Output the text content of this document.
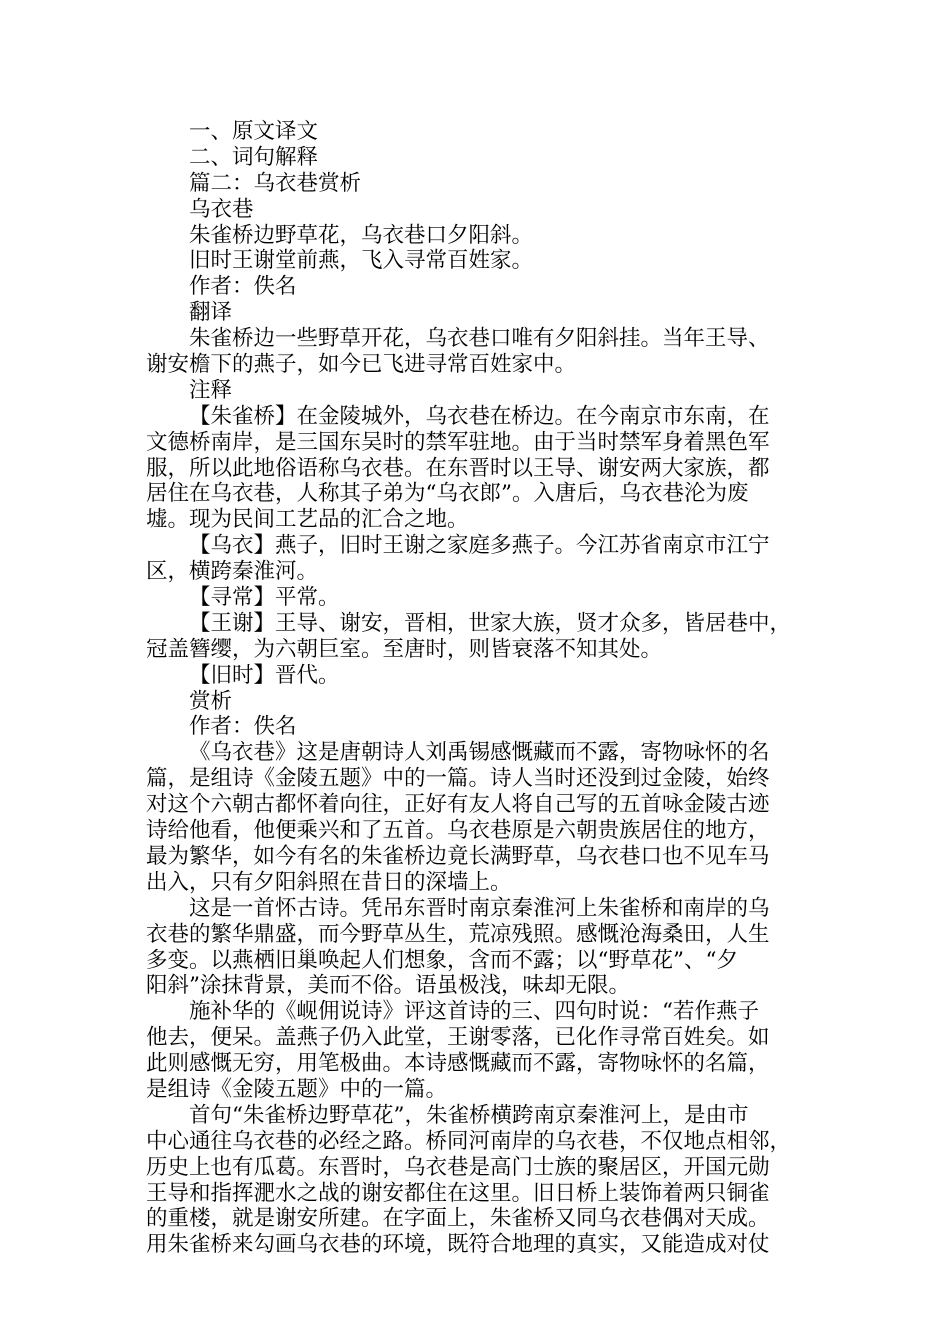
一、原文译文
二、词句解释
篇二：乌衣巷赏析
乌衣巷
朱雀桥边野草花，乌衣巷口夕阳斜。
旧时王谢堂前燕，飞入寻常百姓家。
作者：佚名
翻译
朱雀桥边一些野草开花，乌衣巷口唯有夕阳斜挂。当年王导、
谢安檐下的燕子，如今已飞进寻常百姓家中。
注释
【朱雀桥】在金陵城外，乌衣巷在桥边。在今南京市东南，在
文德桥南岸，是三国东吴时的禁军驻地。由于当时禁军身着黑色军
服，所以此地俗语称乌衣巷。在东晋时以王导、谢安两大家族，都
居住在乌衣巷，人称其子弟为“乌衣郎”。入唐后，乌衣巷沦为废
墟。现为民间工艺品的汇合之地。
【乌衣】燕子，旧时王谢之家庭多燕子。今江苏省南京市江宁
区，横跨秦淮河。
【寻常】平常。
【王谢】王导、谢安，晋相，世家大族，贤才众多，皆居巷中，
冠盖簪缨，为六朝巨室。至唐时，则皆衰落不知其处。
【旧时】晋代。
赏析
作者：佚名
《乌衣巷》这是唐朝诗人刘禹锡感慨藏而不露，寄物咏怀的名
篇，是组诗《金陵五题》中的一篇。诗人当时还没到过金陵，始终
对这个六朝古都怀着向往，正好有友人将自己写的五首咏金陵古迹
诗给他看，他便乘兴和了五首。乌衣巷原是六朝贵族居住的地方，
最为繁华，如今有名的朱雀桥边竟长满野草，乌衣巷口也不见车马
出入，只有夕阳斜照在昔日的深墙上。
这是一首怀古诗。凭吊东晋时南京秦淮河上朱雀桥和南岸的乌
衣巷的繁华鼎盛，而今野草丛生，荒凉残照。感慨沧海桑田，人生
多变。以燕栖旧巢唤起人们想象，含而不露；以“野草花”、“夕
阳斜”涂抹背景，美而不俗。语虽极浅，味却无限。
施补华的《岘佣说诗》评这首诗的三、四句时说：“若作燕子
他去，便呆。盖燕子仍入此堂，王谢零落，已化作寻常百姓矣。如
此则感慨无穷，用笔极曲。本诗感慨藏而不露，寄物咏怀的名篇，
是组诗《金陵五题》中的一篇。
首句“朱雀桥边野草花”，朱雀桥横跨南京秦淮河上，是由市
中心通往乌衣巷的必经之路。桥同河南岸的乌衣巷，不仅地点相邻，
历史上也有瓜葛。东晋时，乌衣巷是高门士族的聚居区，开国元勋
王导和指挥淝水之战的谢安都住在这里。旧日桥上装饰着两只铜雀
的重楼，就是谢安所建。在字面上，朱雀桥又同乌衣巷偶对天成。
用朱雀桥来勾画乌衣巷的环境，既符合地理的真实，又能造成对仗
